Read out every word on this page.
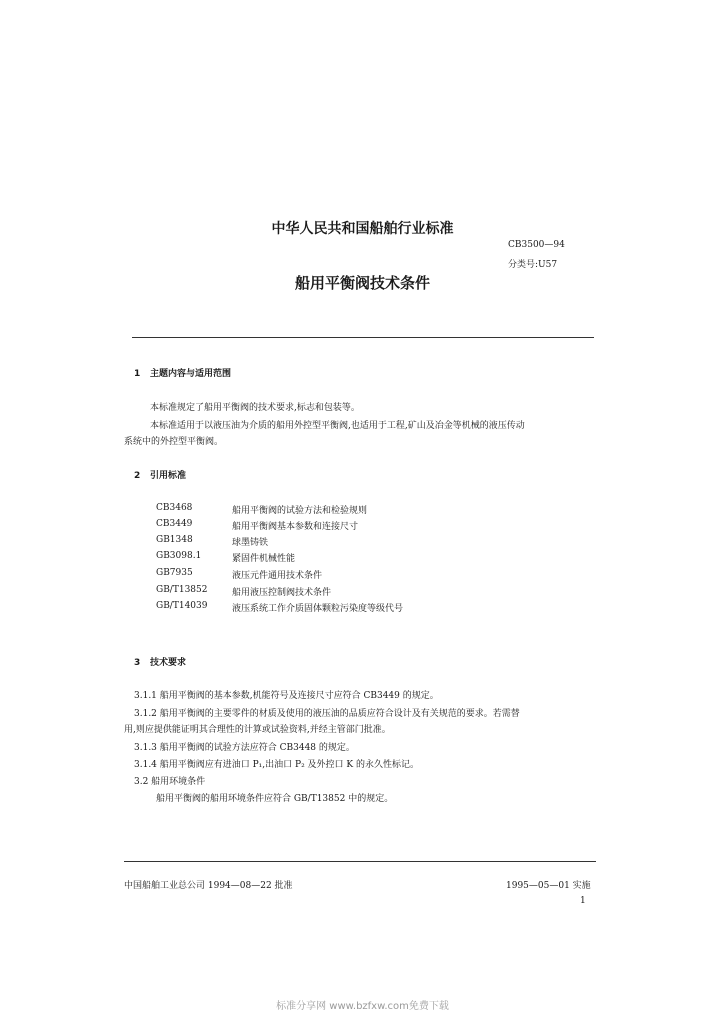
中华人民共和国船舶行业标准
CB3500—94
分类号:U57
船用平衡阀技术条件
1 主题内容与适用范围
本标准规定了船用平衡阀的技术要求,标志和包装等。
本标准适用于以液压油为介质的船用外控型平衡阀,也适用于工程,矿山及冶金等机械的液压传动
系统中的外控型平衡阀。
2 引用标准
CB3468	船用平衡阀的试验方法和检验规则
CB3449	船用平衡阀基本参数和连接尺寸
GB1348	球墨铸铁
GB3098.1	紧固件机械性能
GB7935	液压元件通用技术条件
GB/T13852	船用液压控制阀技术条件
GB/T14039	液压系统工作介质固体颗粒污染度等级代号
3 技术要求
3.1.1 船用平衡阀的基本参数,机能符号及连接尺寸应符合 CB3449 的规定。
3.1.2 船用平衡阀的主要零件的材质及使用的液压油的品质应符合设计及有关规范的要求。若需替
用,则应提供能证明其合理性的计算或试验资料,并经主管部门批准。
3.1.3 船用平衡阀的试验方法应符合 CB3448 的规定。
3.1.4 船用平衡阀应有进油口 P₁,出油口 P₂ 及外控口 K 的永久性标记。
3.2 船用环境条件
船用平衡阀的船用环境条件应符合 GB/T13852 中的规定。
中国船舶工业总公司 1994—08—22 批准	1995—05—01 实施
1
标准分享网 www.bzfxw.com免费下载
